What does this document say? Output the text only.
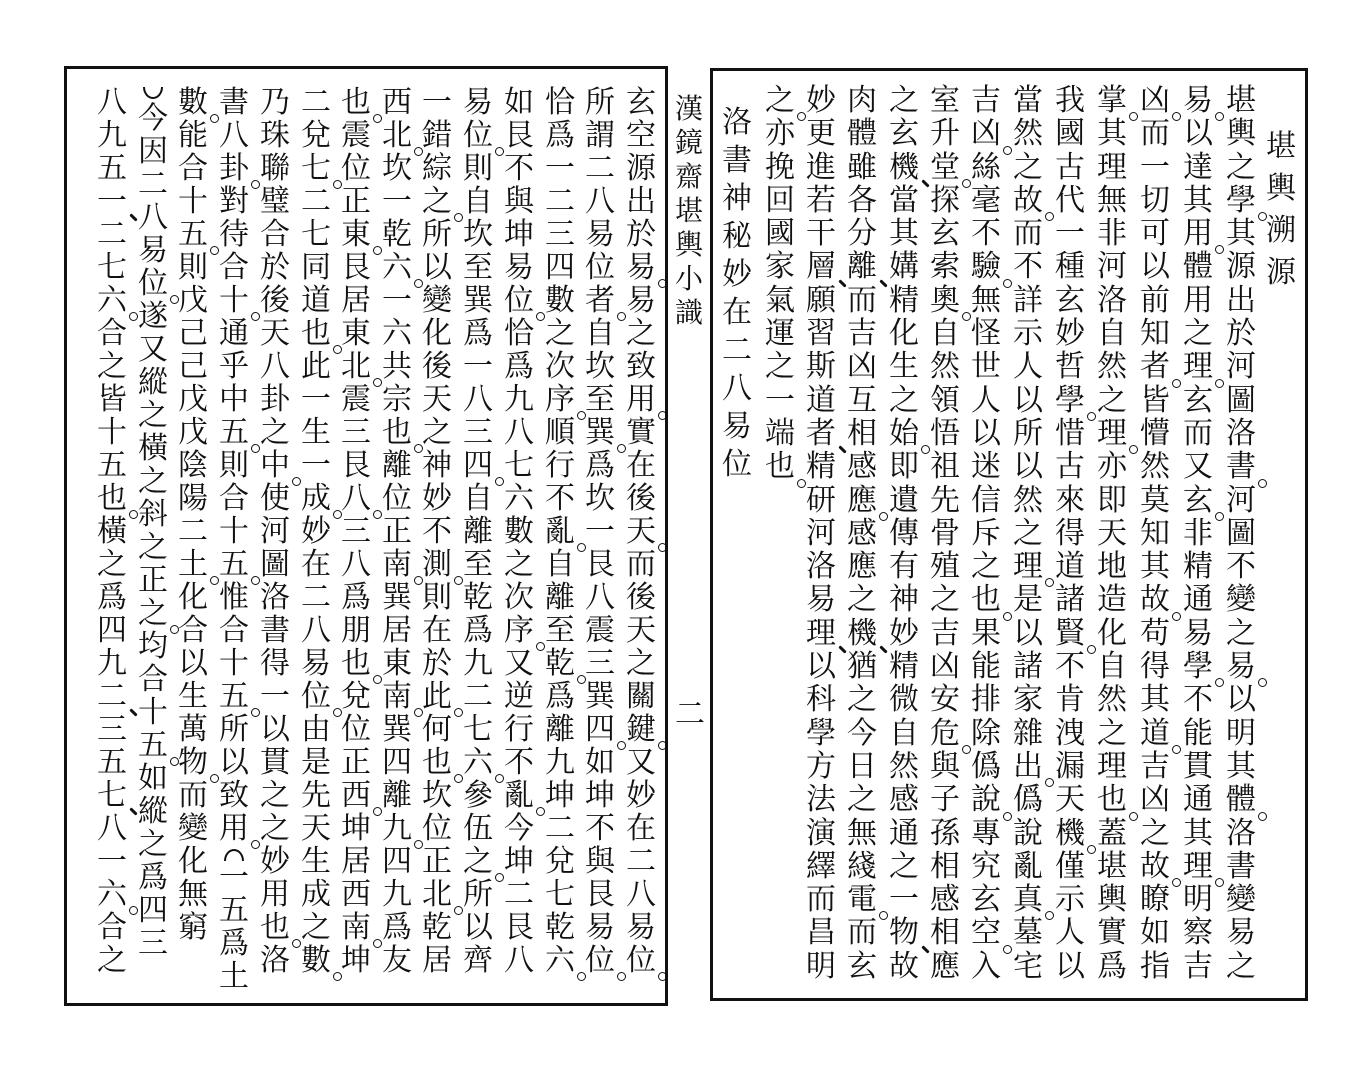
玄
空
源
出
於
易
易
之
致
用
實
在
後
天
而
後
天
之
關
鍵
又
妙
在
二
八
易
位
所
謂
二
八
易
位
者
自
坎
至
巽
爲
坎
一
艮
八
震
三
巽
四
如
坤
不
與
艮
易
位
恰
爲
一
二
三
四
數
之
次
序
順
行
不
亂
自
離
至
乾
爲
離
九
坤
二
兌
七
乾
六
如
艮
不
與
坤
易
位
恰
爲
九
八
七
六
數
之
次
序
又
逆
行
不
亂
今
坤
二
艮
八
易
位
則
自
坎
至
巽
爲
一
八
三
四
自
離
至
乾
爲
九
二
七
六
參
伍
之
所
以
齊
一
錯
綜
之
所
以
變
化
後
天
之
神
妙
不
測
則
在
於
此
何
也
坎
位
正
北
乾
居
西
北
坎
一
乾
六
一
六
共
宗
也
離
位
正
南
巽
居
東
南
巽
四
離
九
四
九
爲
友
也
震
位
正
東
艮
居
東
北
震
三
艮
八
三
八
爲
朋
也
兌
位
正
西
坤
居
西
南
坤
二
兌
七
二
七
同
道
也
此
一
生
一
成
妙
在
二
八
易
位
由
是
先
天
生
成
之
數
乃
珠
聯
璧
合
於
後
天
八
卦
之
中
使
河
圖
洛
書
得
一
以
貫
之
之
妙
用
也
洛
書
八
卦
對
待
合
十
通
乎
中
五
則
合
十
五
惟
合
十
五
所
以
致
用
一
五
爲
土
數
能
合
十
五
則
戊
己
己
戊
戊
陰
陽
二
土
化
合
以
生
萬
物
而
變
化
無
窮
今
因
二
八
易
位
遂
又
縱
之
橫
之
斜
之
正
之
均
合
十
五
如
縱
之
爲
四
三
八
九
五
一
二
七
六
合
之
皆
十
五
也
橫
之
爲
四
九
二
三
五
七
八
一
六
合
之
漢
鏡
齋
堪
輿
小
識
二
堪
輿
溯
源
堪
輿
之
學
其
源
出
於
河
圖
洛
書
河
圖
不
變
之
易
以
明
其
體
洛
書
變
易
之
易
以
達
其
用
體
用
之
理
玄
而
又
玄
非
精
通
易
學
不
能
貫
通
其
理
明
察
吉
凶
而
一
切
可
以
前
知
者
皆
懵
然
莫
知
其
故
苟
得
其
道
吉
凶
之
故
瞭
如
指
掌
其
理
無
非
河
洛
自
然
之
理
亦
即
天
地
造
化
自
然
之
理
也
蓋
堪
輿
實
爲
我
國
古
代
一
種
玄
妙
哲
學
惜
古
來
得
道
諸
賢
不
肯
洩
漏
天
機
僅
示
人
以
當
然
之
故
而
不
詳
示
人
以
所
以
然
之
理
是
以
諸
家
雜
出
僞
說
亂
真
墓
宅
吉
凶
絲
毫
不
驗
無
怪
世
人
以
迷
信
斥
之
也
果
能
排
除
僞
說
專
究
玄
空
入
室
升
堂
探
玄
索
奧
自
然
領
悟
祖
先
骨
殖
之
吉
凶
安
危
與
子
孫
相
感
相
應
之
玄
機
當
其
媾
精
化
生
之
始
即
遺
傳
有
神
妙
精
微
自
然
感
通
之
一
物
故
肉
體
雖
各
分
離
而
吉
凶
互
相
感
應
感
應
之
機
猶
之
今
日
之
無
綫
電
而
玄
妙
更
進
若
干
層
願
習
斯
道
者
精
研
河
洛
易
理
以
科
學
方
法
演
繹
而
昌
明
之
亦
挽
回
國
家
氣
運
之
一
端
也
洛
書
神
秘
妙
在
二
八
易
位
